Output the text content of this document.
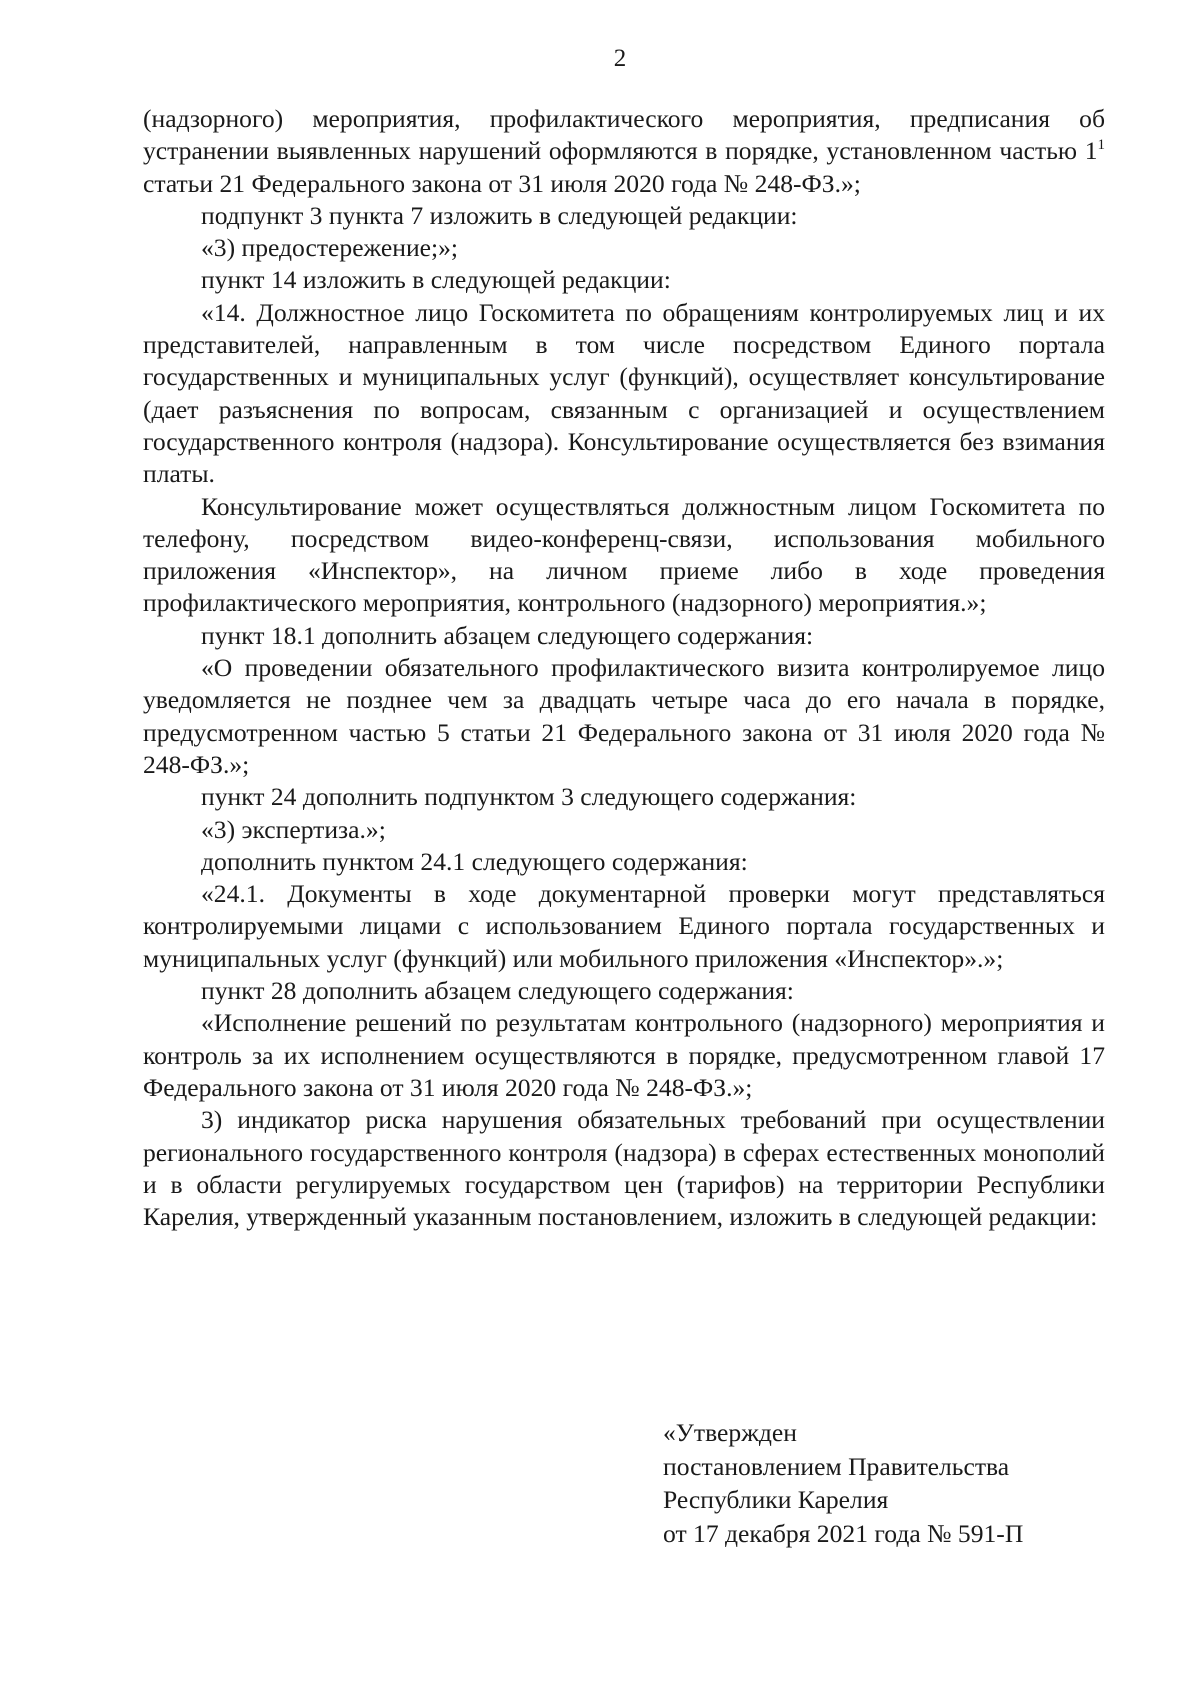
2

(надзорного) мероприятия, профилактического мероприятия, предписания об устранении выявленных нарушений оформляются в порядке, установленном частью $1^1$ статьи 21 Федерального закона от 31 июля 2020 года № 248-ФЗ.»;

подпункт 3 пункта 7 изложить в следующей редакции:

«3) предостережение;»;

пункт 14 изложить в следующей редакции:

«14. Должностное лицо Госкомитета по обращениям контролируемых лиц и их представителей, направленным в том числе посредством Единого портала государственных и муниципальных услуг (функций), осуществляет консультирование (дает разъяснения по вопросам, связанным с организацией и осуществлением государственного контроля (надзора). Консультирование осуществляется без взимания платы.

Консультирование может осуществляться должностным лицом Госкомитета по телефону, посредством видео-конференц-связи, использования мобильного приложения «Инспектор», на личном приеме либо в ходе проведения профилактического мероприятия, контрольного (надзорного) мероприятия.»;

пункт 18.1 дополнить абзацем следующего содержания:

«О проведении обязательного профилактического визита контролируемое лицо уведомляется не позднее чем за двадцать четыре часа до его начала в порядке, предусмотренном частью 5 статьи 21 Федерального закона от 31 июля 2020 года № 248-ФЗ.»;

пункт 24 дополнить подпунктом 3 следующего содержания:

«3) экспертиза.»;

дополнить пунктом 24.1 следующего содержания:

«24.1. Документы в ходе документарной проверки могут представляться контролируемыми лицами с использованием Единого портала государственных и муниципальных услуг (функций) или мобильного приложения «Инспектор».»;

пункт 28 дополнить абзацем следующего содержания:

«Исполнение решений по результатам контрольного (надзорного) мероприятия и контроль за их исполнением осуществляются в порядке, предусмотренном главой 17 Федерального закона от 31 июля 2020 года № 248-ФЗ.»;

3) индикатор риска нарушения обязательных требований при осуществлении регионального государственного контроля (надзора) в сферах естественных монополий и в области регулируемых государством цен (тарифов) на территории Республики Карелия, утвержденный указанным постановлением, изложить в следующей редакции:

«Утвержден
постановлением Правительства
Республики Карелия
от 17 декабря 2021 года № 591-П
